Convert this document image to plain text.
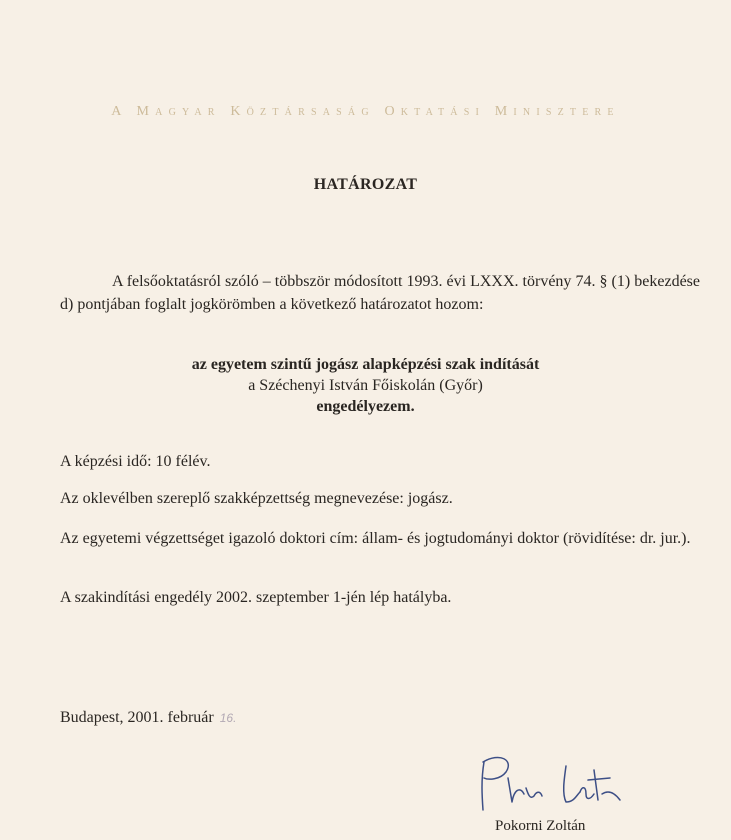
A Magyar Köztársaság Oktatási Minisztere
HATÁROZAT
A felsőoktatásról szóló – többször módosított 1993. évi LXXX. törvény 74. § (1) bekezdése d) pontjában foglalt jogkörömben a következő határozatot hozom:
az egyetem szintű jogász alapképzési szak indítását
a Széchenyi István Főiskolán (Győr)
engedélyezem.
A képzési idő: 10 félév.
Az oklevélben szereplő szakképzettség megnevezése: jogász.
Az egyetemi végzettséget igazoló doktori cím: állam- és jogtudományi doktor (rövidítése: dr. jur.).
A szakindítási engedély 2002. szeptember 1-jén lép hatályba.
Budapest, 2001. február 16.
Pokorni Zoltán
